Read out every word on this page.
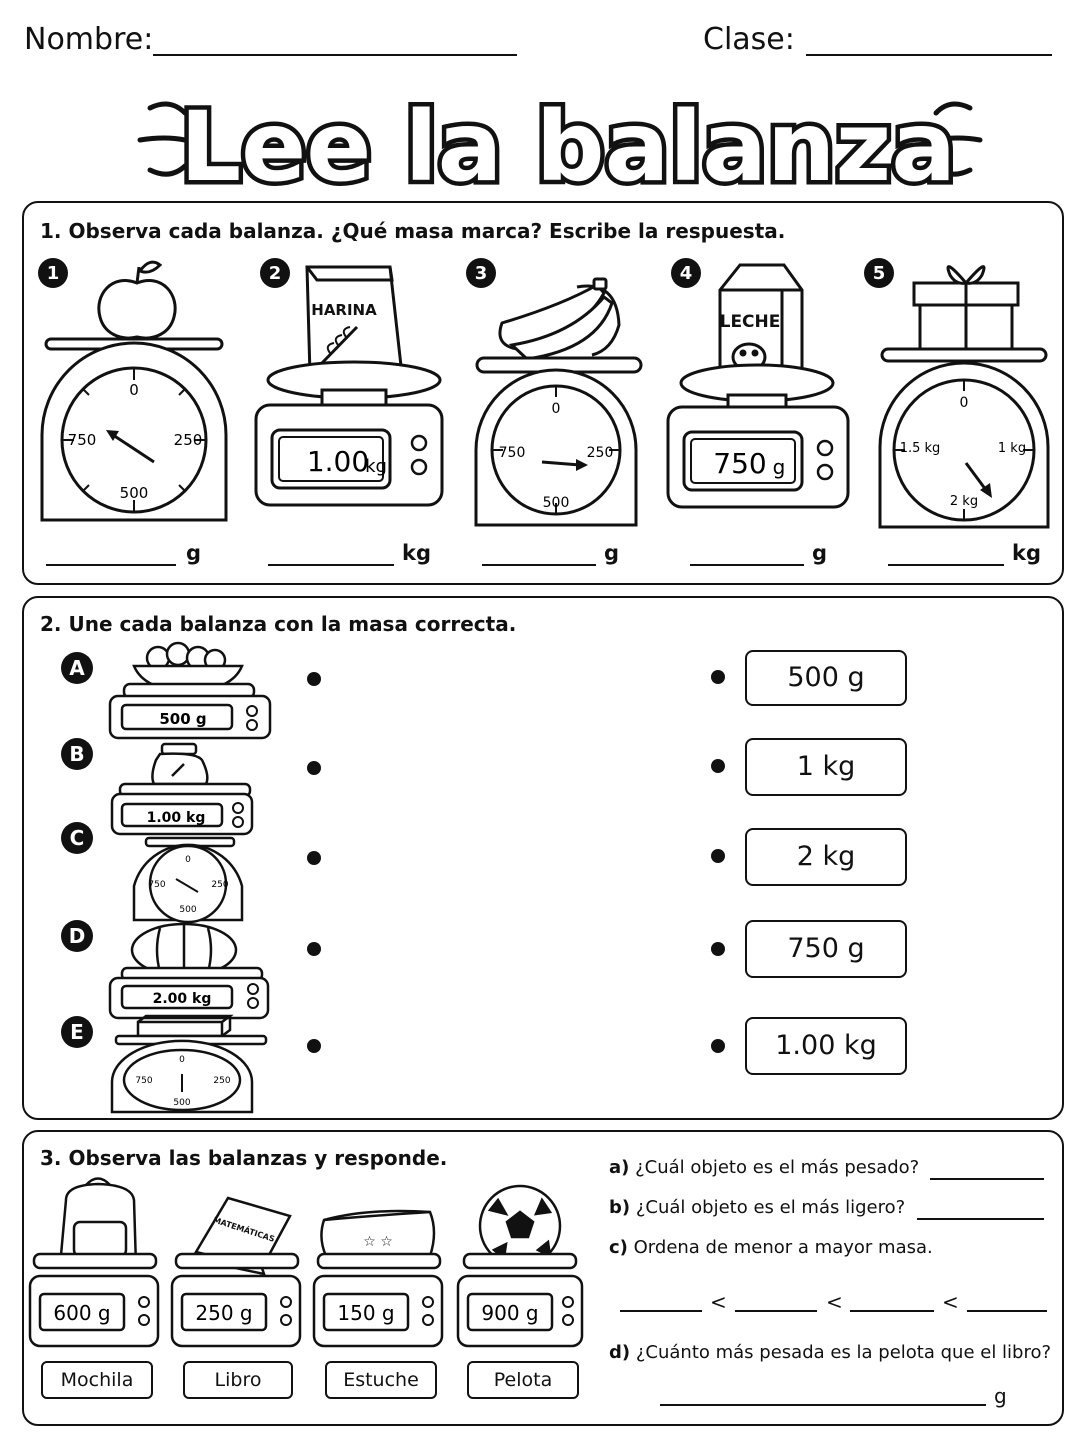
Nombre:	Clase:
Lee la balanza
1. Observa cada balanza. ¿Qué masa marca? Escribe la respuesta.
1
0
250
500
750
2
HARINA
1.00
kg
3
0
250
500
750
4
LECHE
750 g
5
0
1 kg
2 kg
1.5 kg
g	kg	g	g	kg
2. Une cada balanza con la masa correcta.
A
500 g
B
1.00 kg
C
0
250
500
750
D
2.00 kg
E
0
250
500
750
500 g
1 kg
2 kg
750 g
1.00 kg
3. Observa las balanzas y responde.
600 g
MATEMÁTICAS
250 g
☆ ☆
150 g	900 g
Mochila	Libro	Estuche	Pelota
a) ¿Cuál objeto es el más pesado?
b) ¿Cuál objeto es el más ligero?
c) Ordena de menor a mayor masa.
<	<	<
d) ¿Cuánto más pesada es la pelota que el libro?
g
